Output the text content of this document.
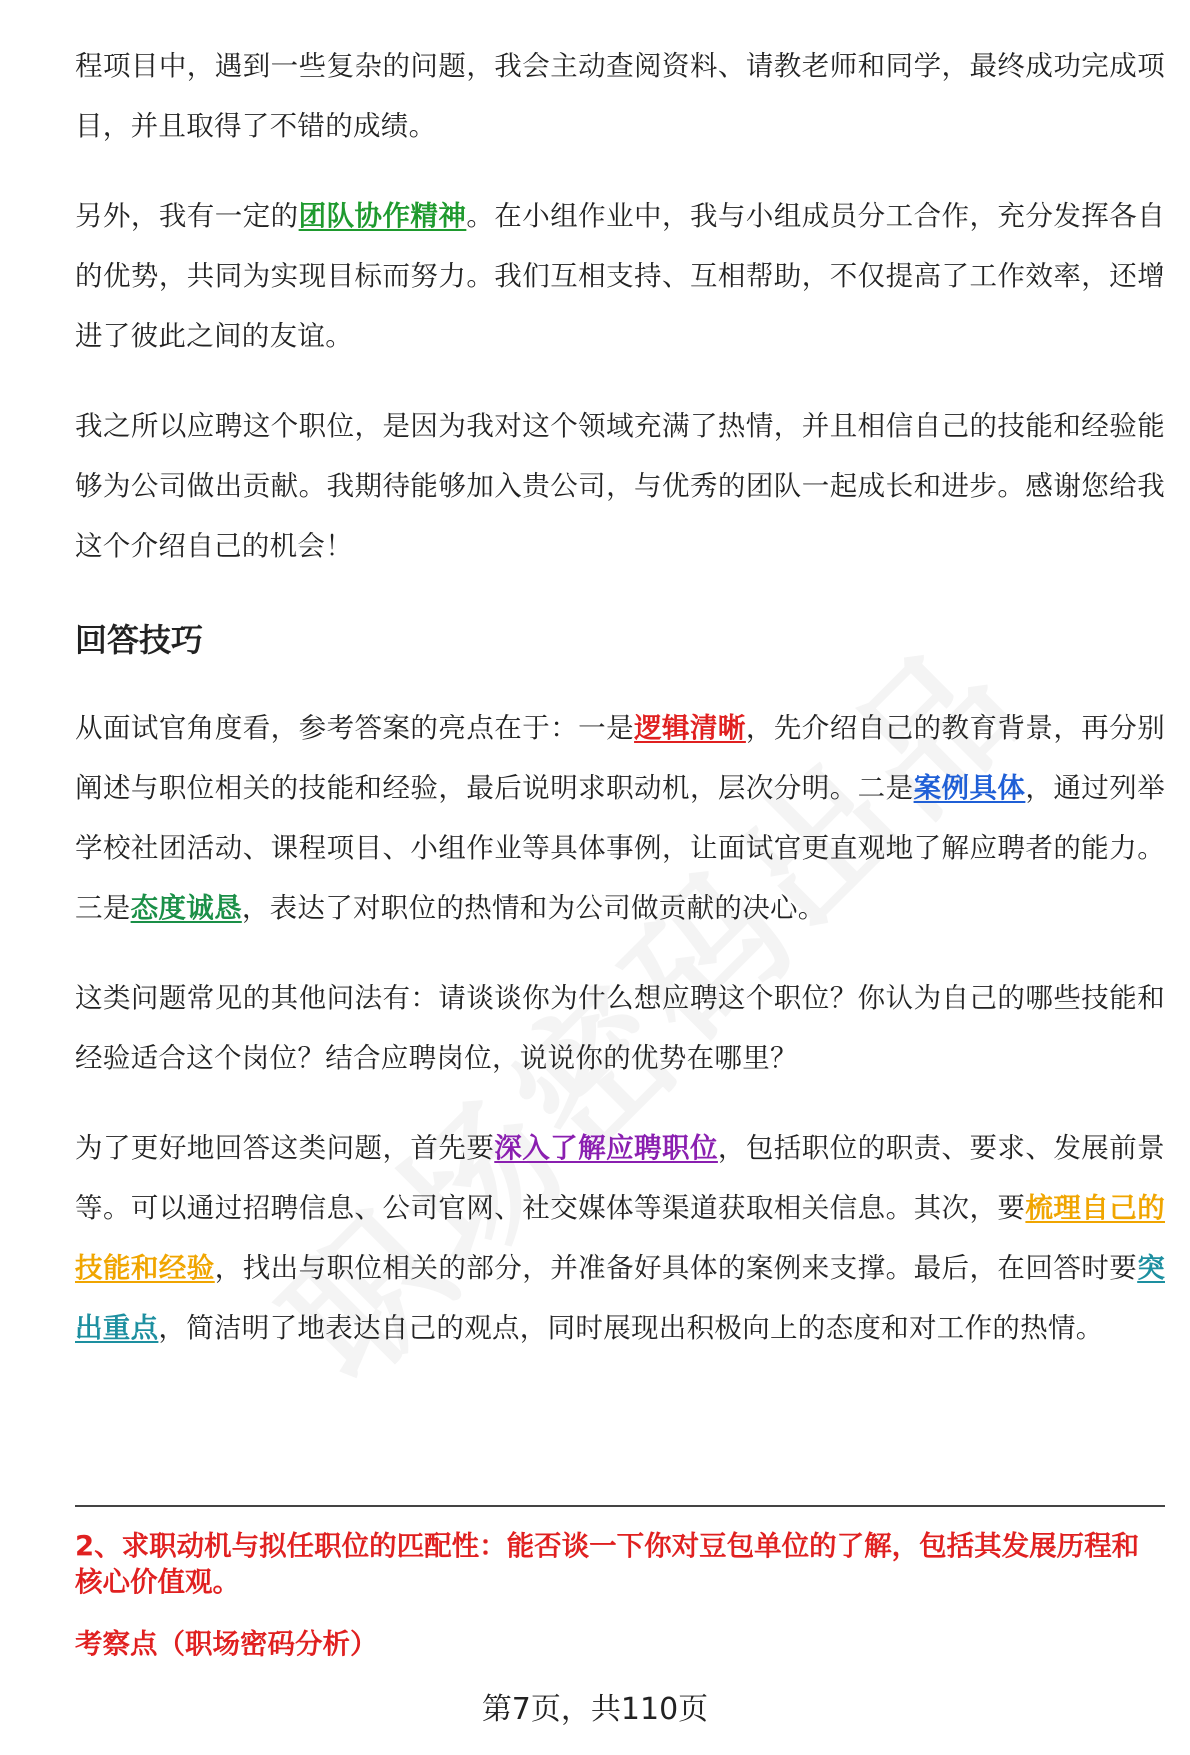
程项目中，遇到一些复杂的问题，我会主动查阅资料、请教老师和同学，最终成功完成项目，并且取得了不错的成绩。

另外，我有一定的团队协作精神。在小组作业中，我与小组成员分工合作，充分发挥各自的优势，共同为实现目标而努力。我们互相支持、互相帮助，不仅提高了工作效率，还增进了彼此之间的友谊。

我之所以应聘这个职位，是因为我对这个领域充满了热情，并且相信自己的技能和经验能够为公司做出贡献。我期待能够加入贵公司，与优秀的团队一起成长和进步。感谢您给我这个介绍自己的机会！

回答技巧

从面试官角度看，参考答案的亮点在于：一是逻辑清晰，先介绍自己的教育背景，再分别阐述与职位相关的技能和经验，最后说明求职动机，层次分明。二是案例具体，通过列举学校社团活动、课程项目、小组作业等具体事例，让面试官更直观地了解应聘者的能力。三是态度诚恳，表达了对职位的热情和为公司做贡献的决心。

这类问题常见的其他问法有：请谈谈你为什么想应聘这个职位？你认为自己的哪些技能和经验适合这个岗位？结合应聘岗位，说说你的优势在哪里？

为了更好地回答这类问题，首先要深入了解应聘职位，包括职位的职责、要求、发展前景等。可以通过招聘信息、公司官网、社交媒体等渠道获取相关信息。其次，要梳理自己的技能和经验，找出与职位相关的部分，并准备好具体的案例来支撑。最后，在回答时要突出重点，简洁明了地表达自己的观点，同时展现出积极向上的态度和对工作的热情。

2、求职动机与拟任职位的匹配性：能否谈一下你对豆包单位的了解，包括其发展历程和核心价值观。
考察点（职场密码分析）
第7页，共110页
